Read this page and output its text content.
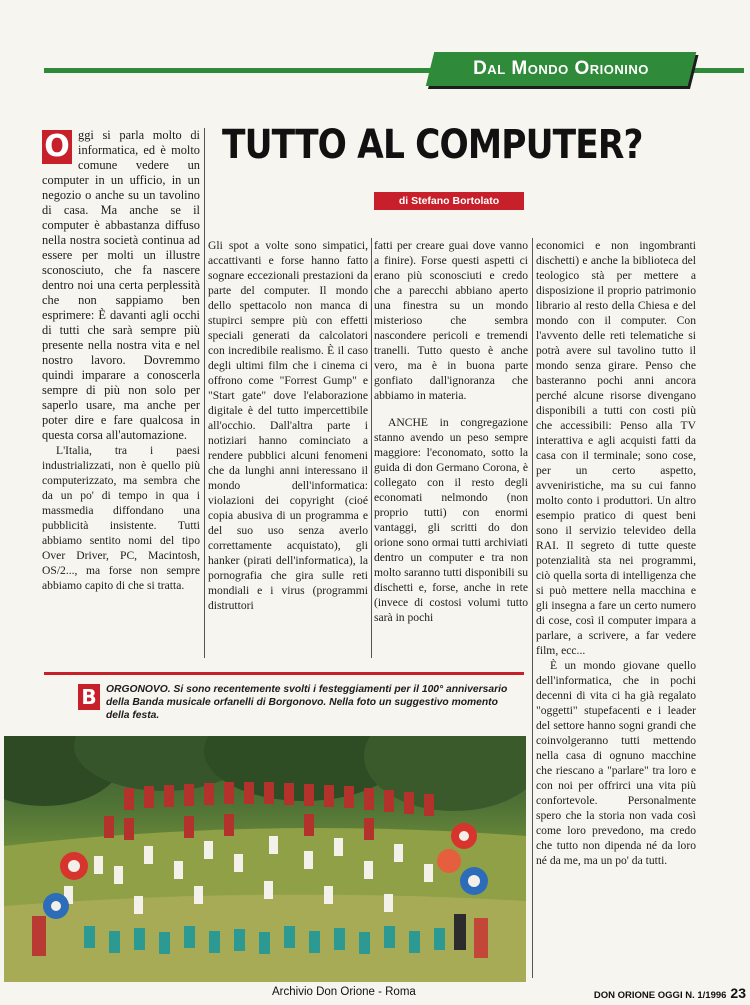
Dal Mondo Orionino
TUTTO AL COMPUTER?
di Stefano Bortolato

O ggi si parla molto di informatica, ed è molto comune vedere un computer in un ufficio, in un negozio o anche su un tavolino di casa. Ma anche se il computer è abbastanza diffuso nella nostra società continua ad essere per molti un illustre sconosciuto, che fa nascere dentro noi una certa perplessità che non sappiamo ben esprimere: È davanti agli occhi di tutti che sarà sempre più presente nella nostra vita e nel nostro lavoro. Dovremmo quindi imparare a conoscerla sempre di più non solo per saperlo usare, ma anche per poter dire e fare qualcosa in questa corsa all'automazione.

L'Italia, tra i paesi industrializzati, non è quello più computerizzato, ma sembra che da un po' di tempo in qua i massmedia diffondano una pubblicità insistente. Tutti abbiamo sentito nomi del tipo Over Driver, PC, Macintosh, OS/2..., ma forse non sempre abbiamo capito di che si tratta.

Gli spot a volte sono simpatici, accattivanti e forse hanno fatto sognare eccezionali prestazioni da parte del computer. Il mondo dello spettacolo non manca di stupirci sempre più con effetti speciali generati da calcolatori con incredibile realismo. È il caso degli ultimi film che i cinema ci offrono come "Forrest Gump" e "Start gate" dove l'elaborazione digitale è del tutto impercettibile all'occhio. Dall'altra parte i notiziari hanno cominciato a rendere pubblici alcuni fenomeni che da lunghi anni interessano il mondo dell'informatica: violazioni dei copyright (cioé copia abusiva di un programma e del suo uso senza averlo correttamente acquistato), gli hanker (pirati dell'informatica), la pornografia che gira sulle reti mondiali e i virus (programmi distruttori

fatti per creare guai dove vanno a finire). Forse questi aspetti ci erano più sconosciuti e credo che a parecchi abbiano aperto una finestra su un mondo misterioso che sembra nascondere pericoli e tremendi tranelli. Tutto questo è anche vero, ma è in buona parte gonfiato dall'ignoranza che abbiamo in materia.

ANCHE in congregazione stanno avendo un peso sempre maggiore: l'economato, sotto la guida di don Germano Corona, è collegato con il resto degli economati nelmondo (non proprio tutti) con enormi vantaggi, gli scritti do don orione sono ormai tutti archiviati dentro un computer e tra non molto saranno tutti disponibili su dischetti e, forse, anche in rete (invece di costosi volumi tutto sarà in pochi

economici e non ingombranti dischetti) e anche la biblioteca del teologico stà per mettere a disposizione il proprio patrimonio librario al resto della Chiesa e del mondo con il computer. Con l'avvento delle reti telematiche si potrà avere sul tavolino tutto il mondo senza girare. Penso che basteranno pochi anni ancora perché alcune risorse divengano disponibili a tutti con costi più che accessibili: Penso alla TV interattiva e agli acquisti fatti da casa con il terminale; sono cose, per un certo aspetto, avveniristiche, ma su cui fanno molto conto i produttori. Un altro esempio pratico di quest beni sono il servizio televideo della RAI. Il segreto di tutte queste potenzialità sta nei programmi, ciò quella sorta di intelligenza che si può mettere nella macchina e gli insegna a fare un certo numero di cose, così il computer impara a parlare, a scrivere, a far vedere film, ecc...

È un mondo giovane quello dell'informatica, che in pochi decenni di vita ci ha già regalato "oggetti" stupefacenti e i leader del settore hanno sogni grandi che coinvolgeranno tutti mettendo nella casa di ognuno macchine che riescano a "parlare" tra loro e con noi per offrirci una vita più confortevole. Personalmente spero che la storia non vada così come loro prevedono, ma credo che tutto non dipenda né da loro né da me, ma un po' da tutti.

B ORGONOVO. Si sono recentemente svolti i festeggiamenti per il 100° anniversario della Banda musicale orfanelli di Borgonovo. Nella foto un suggestivo momento della festa.
Archivio Don Orione - Roma	DON ORIONE OGGI N. 1/1996 23
